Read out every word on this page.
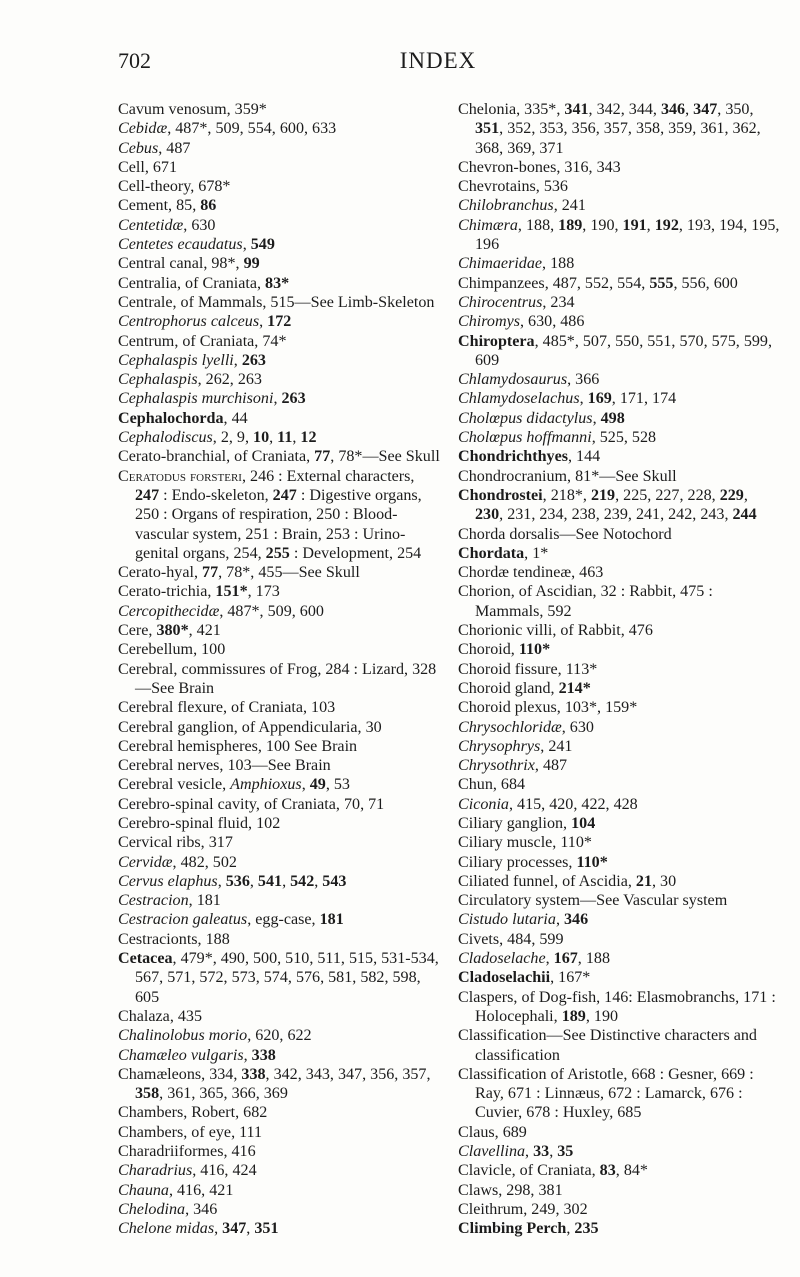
702	INDEX
Cavum venosum, 359*
Cebidæ, 487*, 509, 554, 600, 633
Cebus, 487
Cell, 671
Cell-theory, 678*
Cement, 85, 86
Centetidæ, 630
Centetes ecaudatus, 549
Central canal, 98*, 99
Centralia, of Craniata, 83*
Centrale, of Mammals, 515—See Limb-Skeleton
Centrophorus calceus, 172
Centrum, of Craniata, 74*
Cephalaspis lyelli, 263
Cephalaspis, 262, 263
Cephalaspis murchisoni, 263
Cephalochorda, 44
Cephalodiscus, 2, 9, 10, 11, 12
Cerato-branchial, of Craniata, 77, 78*—See Skull
Ceratodus forsteri, 246 : External characters, 247 : Endo-skeleton, 247 : Digestive organs, 250 : Organs of respiration, 250 : Blood-vascular system, 251 : Brain, 253 : Urino-genital organs, 254, 255 : Development, 254
Cerato-hyal, 77, 78*, 455—See Skull
Cerato-trichia, 151*, 173
Cercopithecidæ, 487*, 509, 600
Cere, 380*, 421
Cerebellum, 100
Cerebral, commissures of Frog, 284 : Lizard, 328—See Brain
Cerebral flexure, of Craniata, 103
Cerebral ganglion, of Appendicularia, 30
Cerebral hemispheres, 100 See Brain
Cerebral nerves, 103—See Brain
Cerebral vesicle, Amphioxus, 49, 53
Cerebro-spinal cavity, of Craniata, 70, 71
Cerebro-spinal fluid, 102
Cervical ribs, 317
Cervidæ, 482, 502
Cervus elaphus, 536, 541, 542, 543
Cestracion, 181
Cestracion galeatus, egg-case, 181
Cestracionts, 188
Cetacea, 479*, 490, 500, 510, 511, 515, 531-534, 567, 571, 572, 573, 574, 576, 581, 582, 598, 605
Chalaza, 435
Chalinolobus morio, 620, 622
Chamæleo vulgaris, 338
Chamæleons, 334, 338, 342, 343, 347, 356, 357, 358, 361, 365, 366, 369
Chambers, Robert, 682
Chambers, of eye, 111
Charadriiformes, 416
Charadrius, 416, 424
Chauna, 416, 421
Chelodina, 346
Chelone midas, 347, 351
Chelonia, 335*, 341, 342, 344, 346, 347, 350, 351, 352, 353, 356, 357, 358, 359, 361, 362, 368, 369, 371
Chevron-bones, 316, 343
Chevrotains, 536
Chilobranchus, 241
Chimæra, 188, 189, 190, 191, 192, 193, 194, 195, 196
Chimaeridae, 188
Chimpanzees, 487, 552, 554, 555, 556, 600
Chirocentrus, 234
Chiromys, 630, 486
Chiroptera, 485*, 507, 550, 551, 570, 575, 599, 609
Chlamydosaurus, 366
Chlamydoselachus, 169, 171, 174
Cholœpus didactylus, 498
Cholœpus hoffmanni, 525, 528
Chondrichthyes, 144
Chondrocranium, 81*—See Skull
Chondrostei, 218*, 219, 225, 227, 228, 229, 230, 231, 234, 238, 239, 241, 242, 243, 244
Chorda dorsalis—See Notochord
Chordata, 1*
Chordæ tendineæ, 463
Chorion, of Ascidian, 32 : Rabbit, 475 : Mammals, 592
Chorionic villi, of Rabbit, 476
Choroid, 110*
Choroid fissure, 113*
Choroid gland, 214*
Choroid plexus, 103*, 159*
Chrysochloridæ, 630
Chrysophrys, 241
Chrysothrix, 487
Chun, 684
Ciconia, 415, 420, 422, 428
Ciliary ganglion, 104
Ciliary muscle, 110*
Ciliary processes, 110*
Ciliated funnel, of Ascidia, 21, 30
Circulatory system—See Vascular system
Cistudo lutaria, 346
Civets, 484, 599
Cladoselache, 167, 188
Cladoselachii, 167*
Claspers, of Dog-fish, 146: Elasmobranchs, 171 : Holocephali, 189, 190
Classification—See Distinctive characters and classification
Classification of Aristotle, 668 : Gesner, 669 : Ray, 671 : Linnæus, 672 : Lamarck, 676 : Cuvier, 678 : Huxley, 685
Claus, 689
Clavellina, 33, 35
Clavicle, of Craniata, 83, 84*
Claws, 298, 381
Cleithrum, 249, 302
Climbing Perch, 235
